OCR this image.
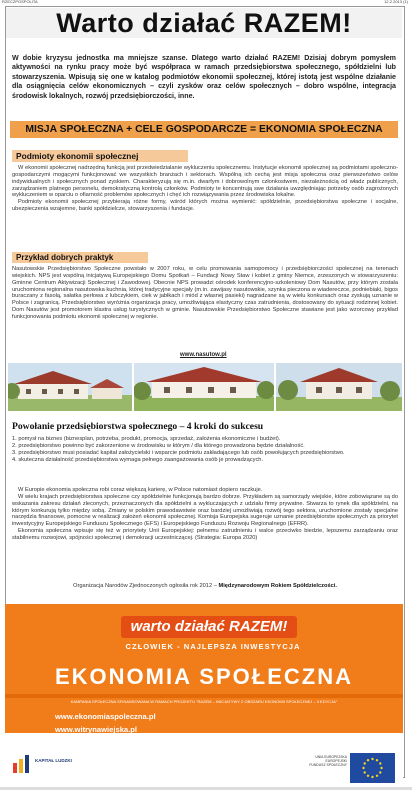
RZECZPOSPOLITA	12.2.2013 (1)
Warto działać RAZEM!
W dobie kryzysu jednostka ma mniejsze szanse. Dlatego warto działać RAZEM! Dzisiaj dobrym pomysłem aktywności na rynku pracy może być współpraca w ramach przedsiębiorstwa społecznego, spółdzielni lub stowarzyszenia. Wpisują się one w katalog podmiotów ekonomii społecznej, której istotą jest wspólne działanie dla osiągnięcia celów ekonomicznych – czyli zysków oraz celów społecznych – dobro wspólne, integracja środowisk lokalnych, rozwój przedsiębiorczości, inne.
MISJA SPOŁECZNA + CELE GOSPODARCZE = EKONOMIA SPOŁECZNA
Podmioty ekonomii społecznej
W ekonomii społecznej nadrzędną funkcją jest przedwiedzialanie wykluczeniu społecznemu. Instytucje ekonomii społecznej są podmiotami społeczno-gospodarczymi mogącymi funkcjonować we wszystkich branżach i sektorach. Wspólną ich cechą jest misja społeczna oraz pierwszeństwo celów indywidualnych i społecznych ponad zyskiem. Charakteryzują się m.in. dwarfym i dobrowolnym członkostwem, niezależnością od władz publicznych, zarządzaniem platnego personelu, demokratyczną kontrolą członków. Podmioty te koncentrują swe działania uwzględniając potrzeby osób zagrożonych wykluczeniem w oparciu o ofiarność problemów społecznych i chęć ich rozwiązywania przez środowiska lokalne.
Podmioty ekonomii społecznej przybierają różne formy, wśród których można wymienić: spółdzielnie, przedsiębiorstwa społeczne i socjalne, ubezpieczenia wzajemne, banki spółdzielcze, stowarzyszenia i fundacje.
Przykład dobrych praktyk
Nasutowskie Przedsiębiorstwo Społeczne powstało w 2007 roku, w celu promowania samopomocy i przedsiębiorczości społecznej na terenach wiejskich. NPS jest wspólną inicjatywą Europejskiego Domu Spotkań – Fundacji Nowy Staw i kobiet z gminy Niemce, zrzeszonych w stowarzyszeniu: Gminne Centrum Aktywizacji Społecznej i Zawodowej. Obecnie NPS prowadzi ośrodek konferencyjno-szkoleniowy Dom Nasutów, przy którym została uruchomiona regionalna nasutowska kuchnia, której tradycyjne specjały (m.in. zawijasy nasutowskie, szynka pieczona w wiadereczce, podniebiaki, bigos buraczany z fasolą, sałatka perłowa z lubczykiem, ciek w jabłkach i miód z własnej pasieki) nagradzane są w wielu konkursach oraz zyskują uznanie w Polsce i zagranicą. Przedsiębiorstwo wyróżnia organizacja pracy, umożliwiająca elastyczny czas zatrudnienia, dostosowany do sytuacji rodzinnej kobiet. Dom Nasutów jest promotorem klastra usług turystycznych w gminie. Nasutowskie Przedsiębiorstwo Społeczne stawiane jest jako wzorcowy przykład funkcjonowania podmiotu ekonomii społecznej w regionie.
www.nasutow.pl
Powołanie przedsiębiorstwa społecznego – 4 kroki do sukcesu
1. pomysł na biznes (biznesplan, potrzeba, produkt, promocja, sprzedaż, założenia ekonomiczne i budżet).
2. przedsiębiorstwo powinno być zakorzenione w środowisku w którym / dla którego prowadzona będzie działalność.
3. przedsiębiorstwo musi posiadać kapitał założycielski i wsparcie podmiotu zakładającego lub osób powołujących przedsiębiorstwo.
4. skuteczna działalność przedsiębiorstwa wymaga pełnego zaangażowania osób je prowadzących.
W Europie ekonomia społeczna robi coraz większą karierę, w Polsce natomiast dopiero raczkuje.
W wielu krajach przedsiębiorstwa społeczne czy spółdzielnie funkcjonują bardzo dobrze. Przykładem są samorządy wiejskie, które zobowiązane są do wskazania zakresu działań zleconych, przeznaczonych dla spółdzielni a wykluczających z udziału firmy prywatne. Stwarza to rynek dla spółdzielni, na którym konkurują tylko między sobą. Zmiany w polskim prawodawstwie oraz bardziej umożliwiają rozwój tego sektora, uruchomione zostały specjalne narzędzia finansowe, pomocne w realizacji założeń ekonomii społecznej. Komisja Europejska sugeruje uznanie przedsiębiorstw społecznych za priorytet inwestycyjny Europejskiego Funduszu Społecznego (EFS) i Europejskiego Funduszu Rozwoju Regionalnego (EFRR).
Ekonomia społeczna wpisuje się też w priorytety Unii Europejskiej: pełnemu zatrudnieniu i walce przeciwko biedzie, lepszemu zarządzaniu oraz stabilnemu rozwojowi, spójności społecznej i demokracji uczestniczącej. (Strategia: Europa 2020)
Organizacja Narodów Zjednoczonych ogłosiła rok 2012 – Międzynarodowym Rokiem Spółdzielczości.
warto działać RAZEM!
CZŁOWIEK - NAJLEPSZA INWESTYCJA
EKONOMIA SPOŁECZNA
KAMPANIA SPOŁECZNA SFINANSOWANA W RAMACH PROJEKTU "RAZEM – INICJATYWY Z OBSZARU EKONOMII SPOŁECZNEJ – II EDYCJA"
www.ekonomiaspoleczna.pl
www.witrynawiejska.pl
KAPITAŁ LUDZKI
UNIA EUROPEJSKA
EUROPEJSKI
FUNDUSZ SPOŁECZNY
